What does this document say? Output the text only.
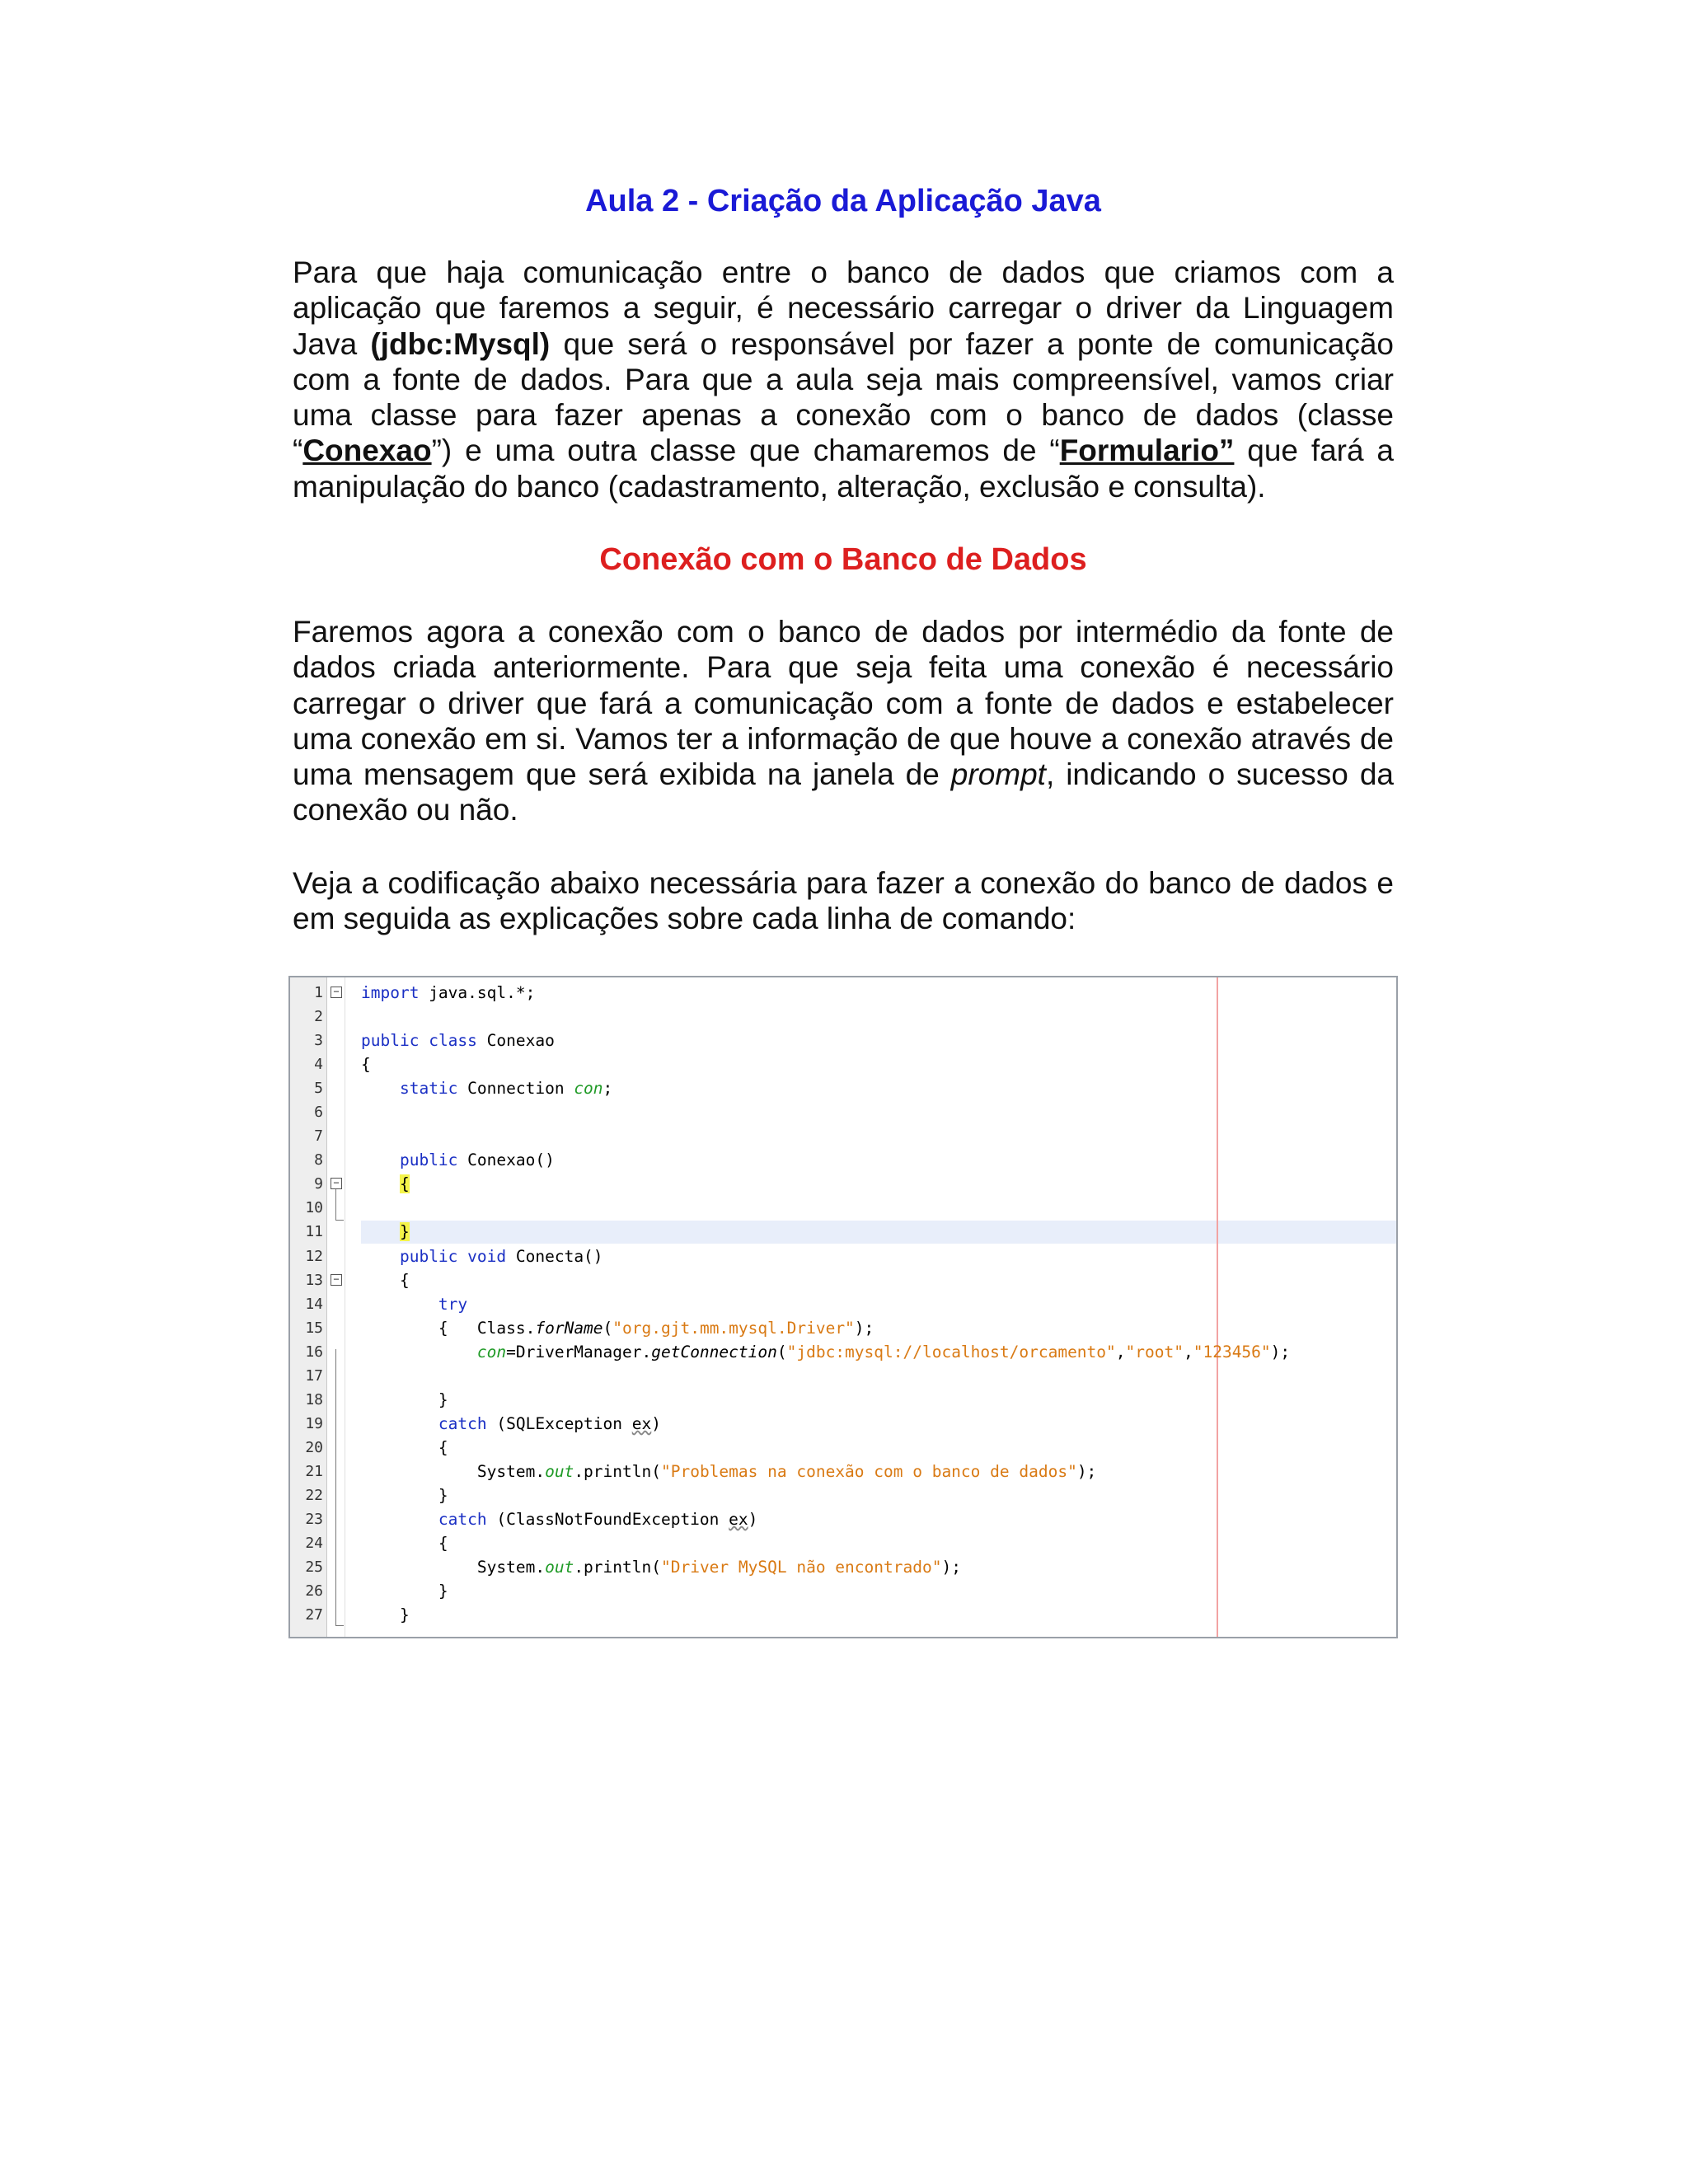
Aula 2 - Criação da Aplicação Java

Para que haja comunicação entre o banco de dados que criamos com a aplicação que faremos a seguir, é necessário carregar o driver da Linguagem Java (jdbc:Mysql) que será o responsável por fazer a ponte de comunicação com a fonte de dados. Para que a aula seja mais compreensível, vamos criar uma classe para fazer apenas a conexão com o banco de dados (classe “Conexao”) e uma outra classe que chamaremos de “Formulario” que fará a manipulação do banco (cadastramento, alteração, exclusão e consulta).

Conexão com o Banco de Dados

Faremos agora a conexão com o banco de dados por intermédio da fonte de dados criada anteriormente. Para que seja feita uma conexão é necessário carregar o driver que fará a comunicação com a fonte de dados e estabelecer uma conexão em si. Vamos ter a informação de que houve a conexão através de uma mensagem que será exibida na janela de prompt, indicando o sucesso da conexão ou não.

Veja a codificação abaixo necessária para fazer a conexão do banco de dados e em seguida as explicações sobre cada linha de comando:

1 − import java.sql.*;
2
3 public class Conexao
4 {
5	static Connection con;
6
7
8	public Conexao()
9 −	{
10
11	}
12	public void Conecta()
13 −	{
14	try
15	{ Class.forName("org.gjt.mm.mysql.Driver");
16	con=DriverManager.getConnection("jdbc:mysql://localhost/orcamento","root","123456");
17
18	}
19	catch (SQLException ex)
20	{
21	System.out.println("Problemas na conexão com o banco de dados");
22	}
23	catch (ClassNotFoundException ex)
24	{
25	System.out.println("Driver MySQL não encontrado");
26	}
27	}
